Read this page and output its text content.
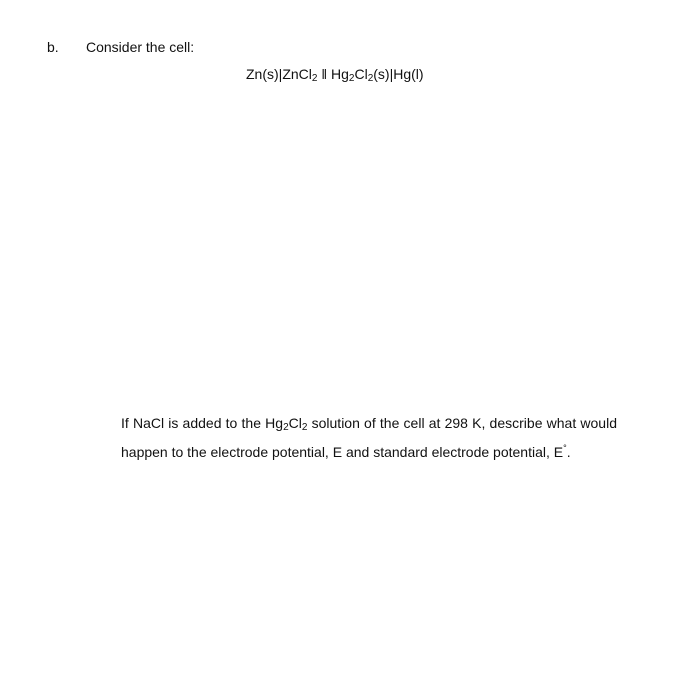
b. Consider the cell:
Zn(s)|ZnCl$_2$ ǁ $Hg_2Cl_2(s)|Hg(l)$

If NaCl is added to the $Hg_2Cl_2$ solution of the cell at 298 K, describe what would happen to the electrode potential, E and standard electrode potential, E°.
